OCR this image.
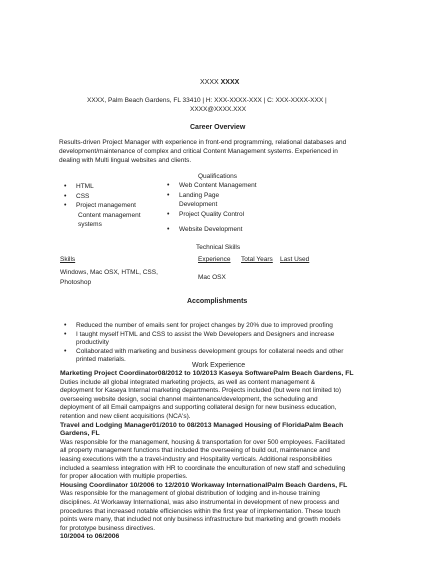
XXXX XXXX

XXXX, Palm Beach Gardens, FL 33410 | H: XXX-XXXX-XXX | C: XXX-XXXX-XXX |

XXXX@XXXX.XXX

Career Overview

Results-driven Project Manager with experience in front-end programming, relational databases and

development/maintenance of complex and critical Content Management systems. Experienced in

dealing with Multi lingual websites and clients.

Qualifications

• HTML
• CSS
• Project management
Content management
systems
• Web Content Management
• Landing Page
Development
• Project Quality Control
• Website Development

Technical Skills

Skills	Experience Total Years Last Used

Windows, Mac OSX, HTML, CSS,

Photoshop

Mac OSX

Accomplishments

• Reduced the number of emails sent for project changes by 20% due to improved proofing
• I taught myself HTML and CSS to assist the Web Developers and Designers and increase
productivity
• Collaborated with marketing and business development groups for collateral needs and other
printed materials.

Work Experience

Marketing Project Coordinator08/2012 to 10/2013 Kaseya SoftwarePalm Beach Gardens, FL

Duties include all global integrated marketing projects, as well as content management &

deployment for Kaseya Internal marketing departments. Projects included (but were not limited to)

overseeing website design, social channel maintenance/development, the scheduling and

deployment of all Email campaigns and supporting collateral design for new business education,

retention and new client acquisitions (NCA's).

Travel and Lodging Manager01/2010 to 08/2013 Managed Housing of FloridaPalm Beach

Gardens, FL

Was responsible for the management, housing & transportation for over 500 employees. Facilitated

all property management functions that included the overseeing of build out, maintenance and

leasing executions with the a travel-industry and Hospitality verticals. Additional responsibilities

included a seamless integration with HR to coordinate the enculturation of new staff and scheduling

for proper allocation with multiple properties.

Housing Coordinator 10/2006 to 12/2010 Workaway InternationalPalm Beach Gardens, FL

Was responsible for the management of global distribution of lodging and in-house training

disciplines. At Workaway International, was also instrumental in development of new process and

procedures that increased notable efficiencies within the first year of implementation. These touch

points were many, that included not only business infrastructure but marketing and growth models

for prototype business directives.

10/2004 to 06/2006
